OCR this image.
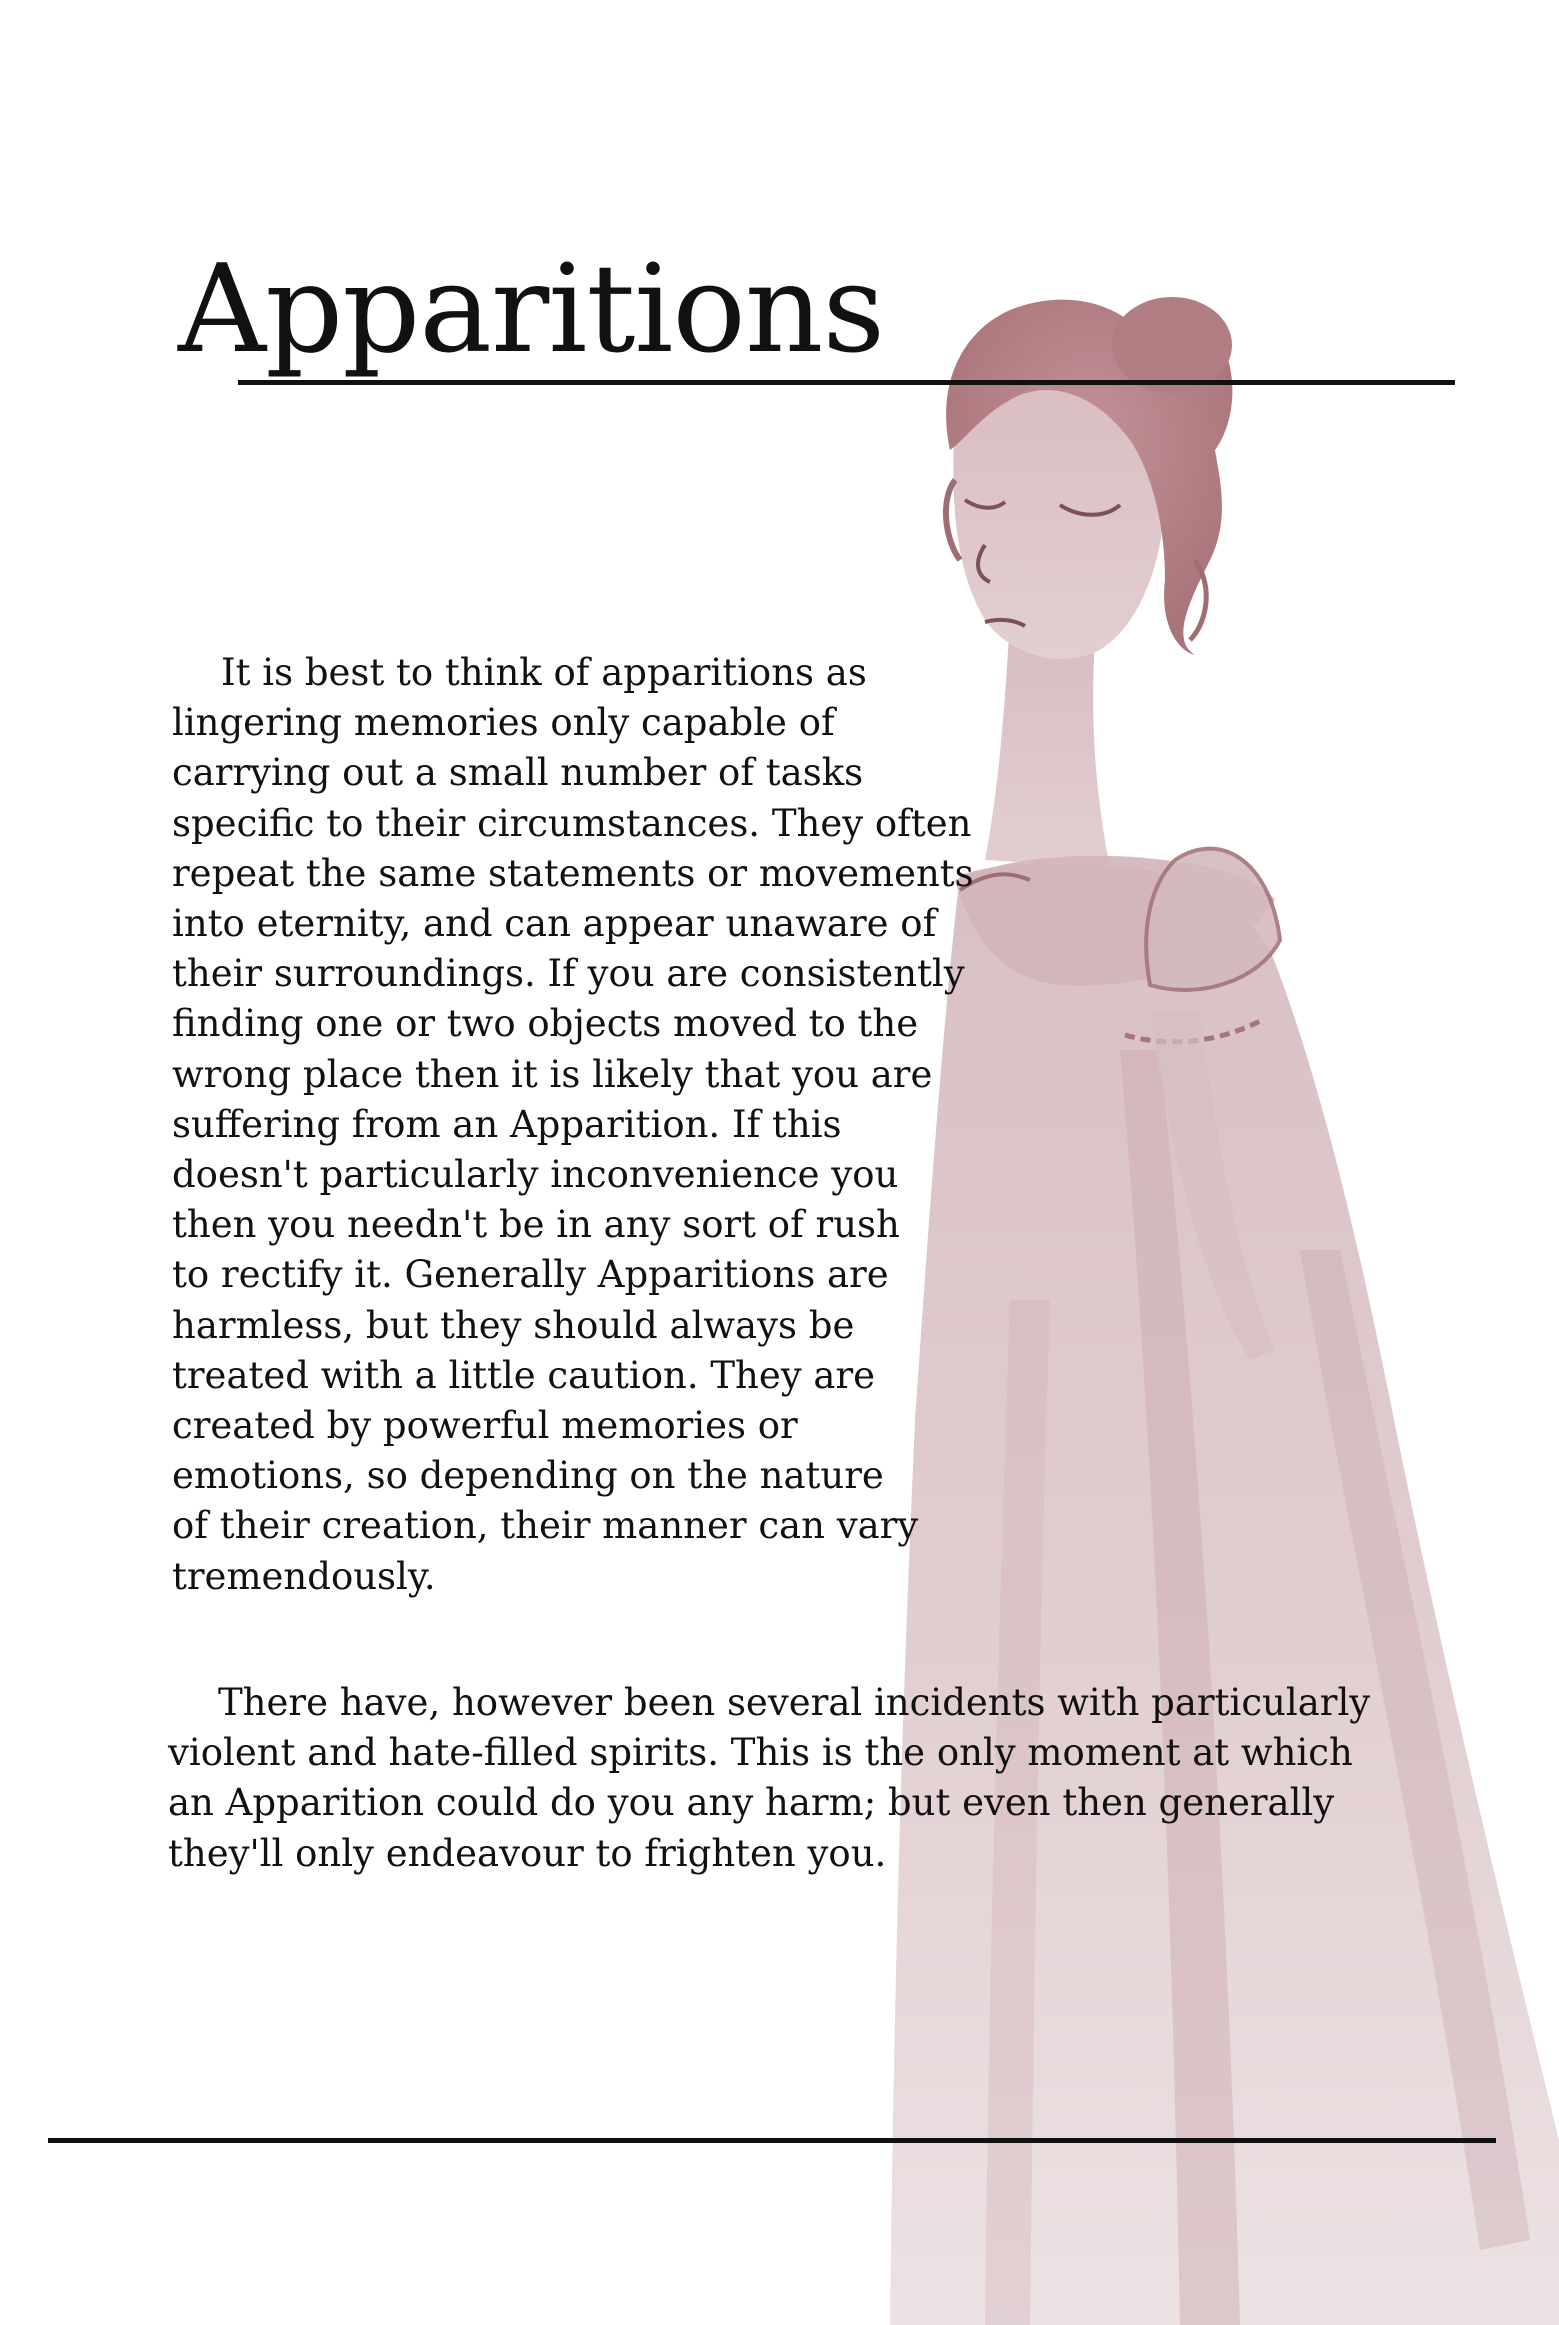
Apparitions

It is best to think of apparitions as
lingering memories only capable of
carrying out a small number of tasks
specific to their circumstances. They often
repeat the same statements or movements
into eternity, and can appear unaware of
their surroundings. If you are consistently
finding one or two objects moved to the
wrong place then it is likely that you are
suffering from an Apparition. If this
doesn't particularly inconvenience you
then you needn't be in any sort of rush
to rectify it. Generally Apparitions are
harmless, but they should always be
treated with a little caution. They are
created by powerful memories or
emotions, so depending on the nature
of their creation, their manner can vary
tremendously.

There have, however been several incidents with particularly
violent and hate-filled spirits. This is the only moment at which
an Apparition could do you any harm; but even then generally
they'll only endeavour to frighten you.
